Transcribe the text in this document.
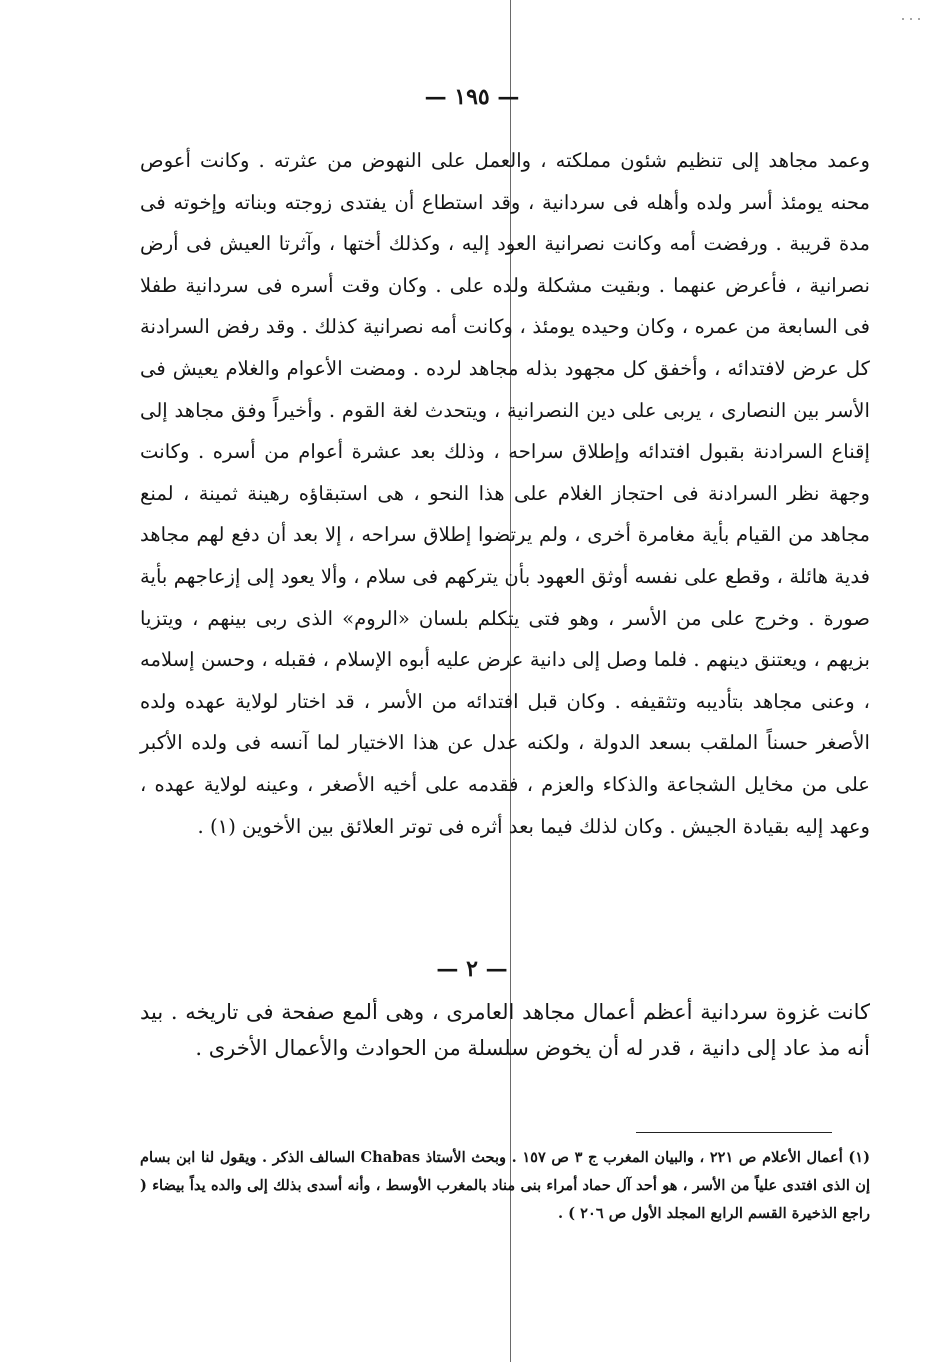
— ١٩٥ —

وعمد مجاهد إلى تنظيم شئون مملكته ، والعمل على النهوض من عثرته . وكانت أعوص محنه يومئذ أسر ولده وأهله فى سردانية ، وقد استطاع أن يفتدى زوجته وبناته وإخوته فى مدة قريبة . ورفضت أمه وكانت نصرانية العود إليه ، وكذلك أختها ، وآثرتا العيش فى أرض نصرانية ، فأعرض عنهما . وبقيت مشكلة ولده على . وكان وقت أسره فى سردانية طفلا فى السابعة من عمره ، وكان وحيده يومئذ ، وكانت أمه نصرانية كذلك . وقد رفض السرادنة كل عرض لافتدائه ، وأخفق كل مجهود بذله مجاهد لرده . ومضت الأعوام والغلام يعيش فى الأسر بين النصارى ، يربى على دين النصرانية ، ويتحدث لغة القوم . وأخيراً وفق مجاهد إلى إقناع السرادنة بقبول افتدائه وإطلاق سراحه ، وذلك بعد عشرة أعوام من أسره . وكانت وجهة نظر السرادنة فى احتجاز الغلام على هذا النحو ، هى استبقاؤه رهينة ثمينة ، لمنع مجاهد من القيام بأية مغامرة أخرى ، ولم يرتضوا إطلاق سراحه ، إلا بعد أن دفع لهم مجاهد فدية هائلة ، وقطع على نفسه أوثق العهود بأن يتركهم فى سلام ، وألا يعود إلى إزعاجهم بأية صورة . وخرج على من الأسر ، وهو فتى يتكلم بلسان «الروم» الذى ربى بينهم ، ويتزيا بزيهم ، ويعتنق دينهم . فلما وصل إلى دانية عرض عليه أبوه الإسلام ، فقبله ، وحسن إسلامه ، وعنى مجاهد بتأديبه وتثقيفه . وكان قبل افتدائه من الأسر ، قد اختار لولاية عهده ولده الأصغر حسناً الملقب بسعد الدولة ، ولكنه عدل عن هذا الاختيار لما آنسه فى ولده الأكبر على من مخايل الشجاعة والذكاء والعزم ، فقدمه على أخيه الأصغر ، وعينه لولاية عهده ، وعهد إليه بقيادة الجيش . وكان لذلك فيما بعد أثره فى توتر العلائق بين الأخوين (١) .

— ٢ —

كانت غزوة سردانية أعظم أعمال مجاهد العامرى ، وهى ألمع صفحة فى تاريخه . بيد أنه مذ عاد إلى دانية ، قدر له أن يخوض سلسلة من الحوادث والأعمال الأخرى .

(١) أعمال الأعلام ص ٢٢١ ، والبيان المغرب ج ٣ ص ١٥٧ . وبحث الأستاذ Chabas السالف الذكر . ويقول لنا ابن بسام إن الذى افتدى علياً من الأسر ، هو أحد آل حماد أمراء بنى مناد بالمغرب الأوسط ، وأنه أسدى بذلك إلى والده يداً بيضاء ( راجع الذخيرة القسم الرابع المجلد الأول ص ٢٠٦ ) .
